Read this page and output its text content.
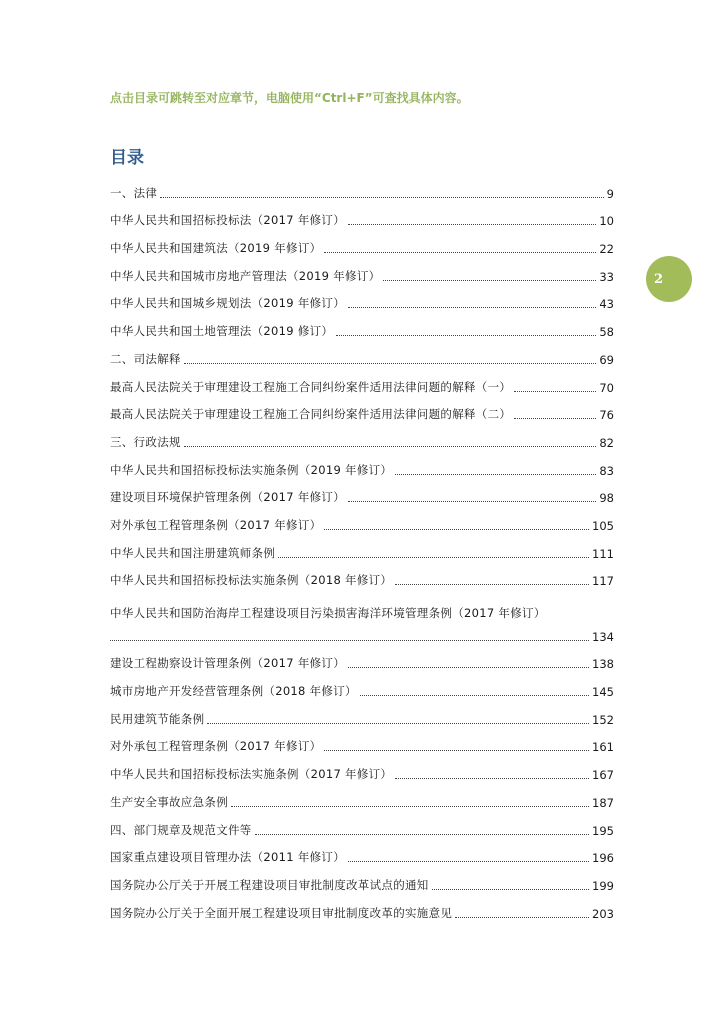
点击目录可跳转至对应章节，电脑使用“Ctrl+F”可查找具体内容。
目录
2
一、法律	9
中华人民共和国招标投标法（2017 年修订）	10
中华人民共和国建筑法（2019 年修订）	22
中华人民共和国城市房地产管理法（2019 年修订）	33
中华人民共和国城乡规划法（2019 年修订）	43
中华人民共和国土地管理法（2019 修订）	58
二、司法解释	69
最高人民法院关于审理建设工程施工合同纠纷案件适用法律问题的解释（一）	70
最高人民法院关于审理建设工程施工合同纠纷案件适用法律问题的解释（二）	76
三、行政法规	82
中华人民共和国招标投标法实施条例（2019 年修订）	83
建设项目环境保护管理条例（2017 年修订）	98
对外承包工程管理条例（2017 年修订）	105
中华人民共和国注册建筑师条例	111
中华人民共和国招标投标法实施条例（2018 年修订）	117
中华人民共和国防治海岸工程建设项目污染损害海洋环境管理条例（2017 年修订）
134
建设工程勘察设计管理条例（2017 年修订）	138
城市房地产开发经营管理条例（2018 年修订）	145
民用建筑节能条例	152
对外承包工程管理条例（2017 年修订）	161
中华人民共和国招标投标法实施条例（2017 年修订）	167
生产安全事故应急条例	187
四、部门规章及规范文件等	195
国家重点建设项目管理办法（2011 年修订）	196
国务院办公厅关于开展工程建设项目审批制度改革试点的通知	199
国务院办公厅关于全面开展工程建设项目审批制度改革的实施意见	203
